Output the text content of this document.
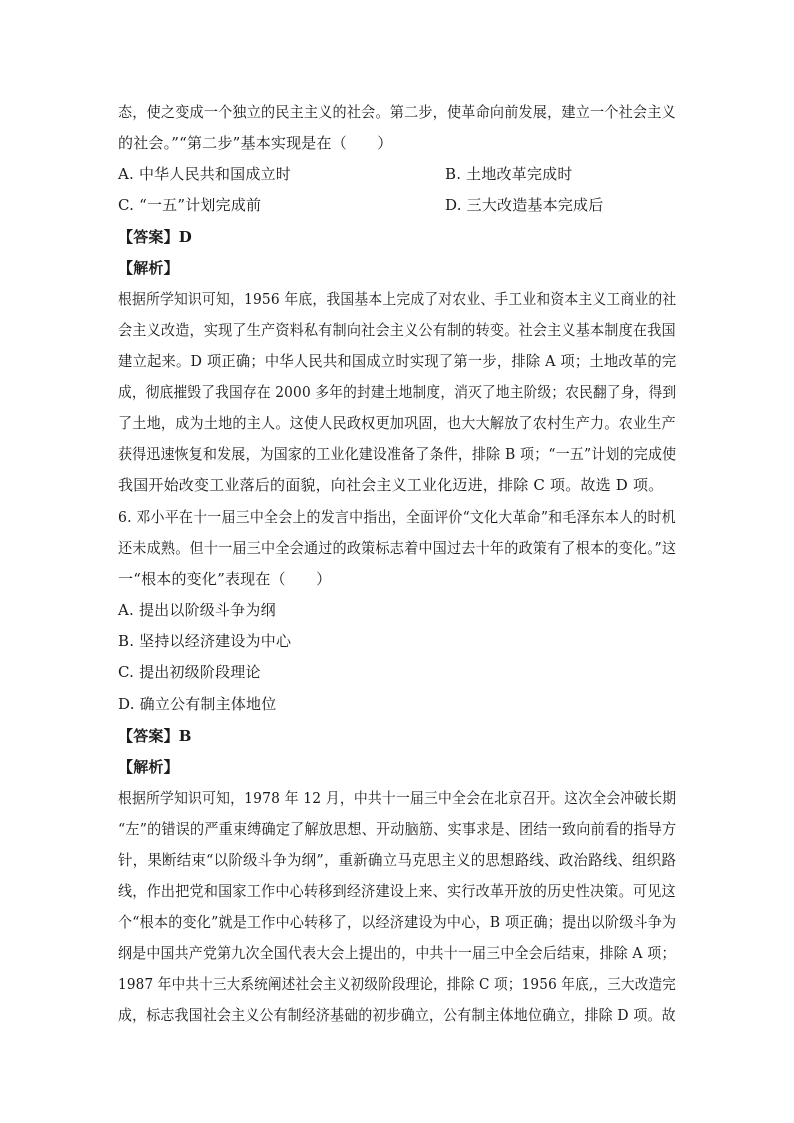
态，使之变成一个独立的民主主义的社会。第二步，使革命向前发展，建立一个社会主义
的社会。”“第二步”基本实现是在（　　）
A. 中华人民共和国成立时	B. 土地改革完成时
C. “一五”计划完成前	D. 三大改造基本完成后
【答案】D
【解析】
根据所学知识可知，1956 年底，我国基本上完成了对农业、手工业和资本主义工商业的社
会主义改造，实现了生产资料私有制向社会主义公有制的转变。社会主义基本制度在我国
建立起来。D 项正确；中华人民共和国成立时实现了第一步，排除 A 项；土地改革的完
成，彻底摧毁了我国存在 2000 多年的封建土地制度，消灭了地主阶级；农民翻了身，得到
了土地，成为土地的主人。这使人民政权更加巩固，也大大解放了农村生产力。农业生产
获得迅速恢复和发展，为国家的工业化建设准备了条件，排除 B 项；“一五”计划的完成使
我国开始改变工业落后的面貌，向社会主义工业化迈进，排除 C 项。故选 D 项。
6. 邓小平在十一届三中全会上的发言中指出，全面评价“文化大革命”和毛泽东本人的时机
还未成熟。但十一届三中全会通过的政策标志着中国过去十年的政策有了根本的变化。”这
一“根本的变化”表现在（　　）
A. 提出以阶级斗争为纲
B. 坚持以经济建设为中心
C. 提出初级阶段理论
D. 确立公有制主体地位
【答案】B
【解析】
根据所学知识可知，1978 年 12 月，中共十一届三中全会在北京召开。这次全会冲破长期
“左”的错误的严重束缚确定了解放思想、开动脑筋、实事求是、团结一致向前看的指导方
针，果断结束“以阶级斗争为纲”，重新确立马克思主义的思想路线、政治路线、组织路
线，作出把党和国家工作中心转移到经济建设上来、实行改革开放的历史性决策。可见这
个“根本的变化”就是工作中心转移了，以经济建设为中心，B 项正确；提出以阶级斗争为
纲是中国共产党第九次全国代表大会上提出的，中共十一届三中全会后结束，排除 A 项；
1987 年中共十三大系统阐述社会主义初级阶段理论，排除 C 项；1956 年底,，三大改造完
成，标志我国社会主义公有制经济基础的初步确立，公有制主体地位确立，排除 D 项。故
